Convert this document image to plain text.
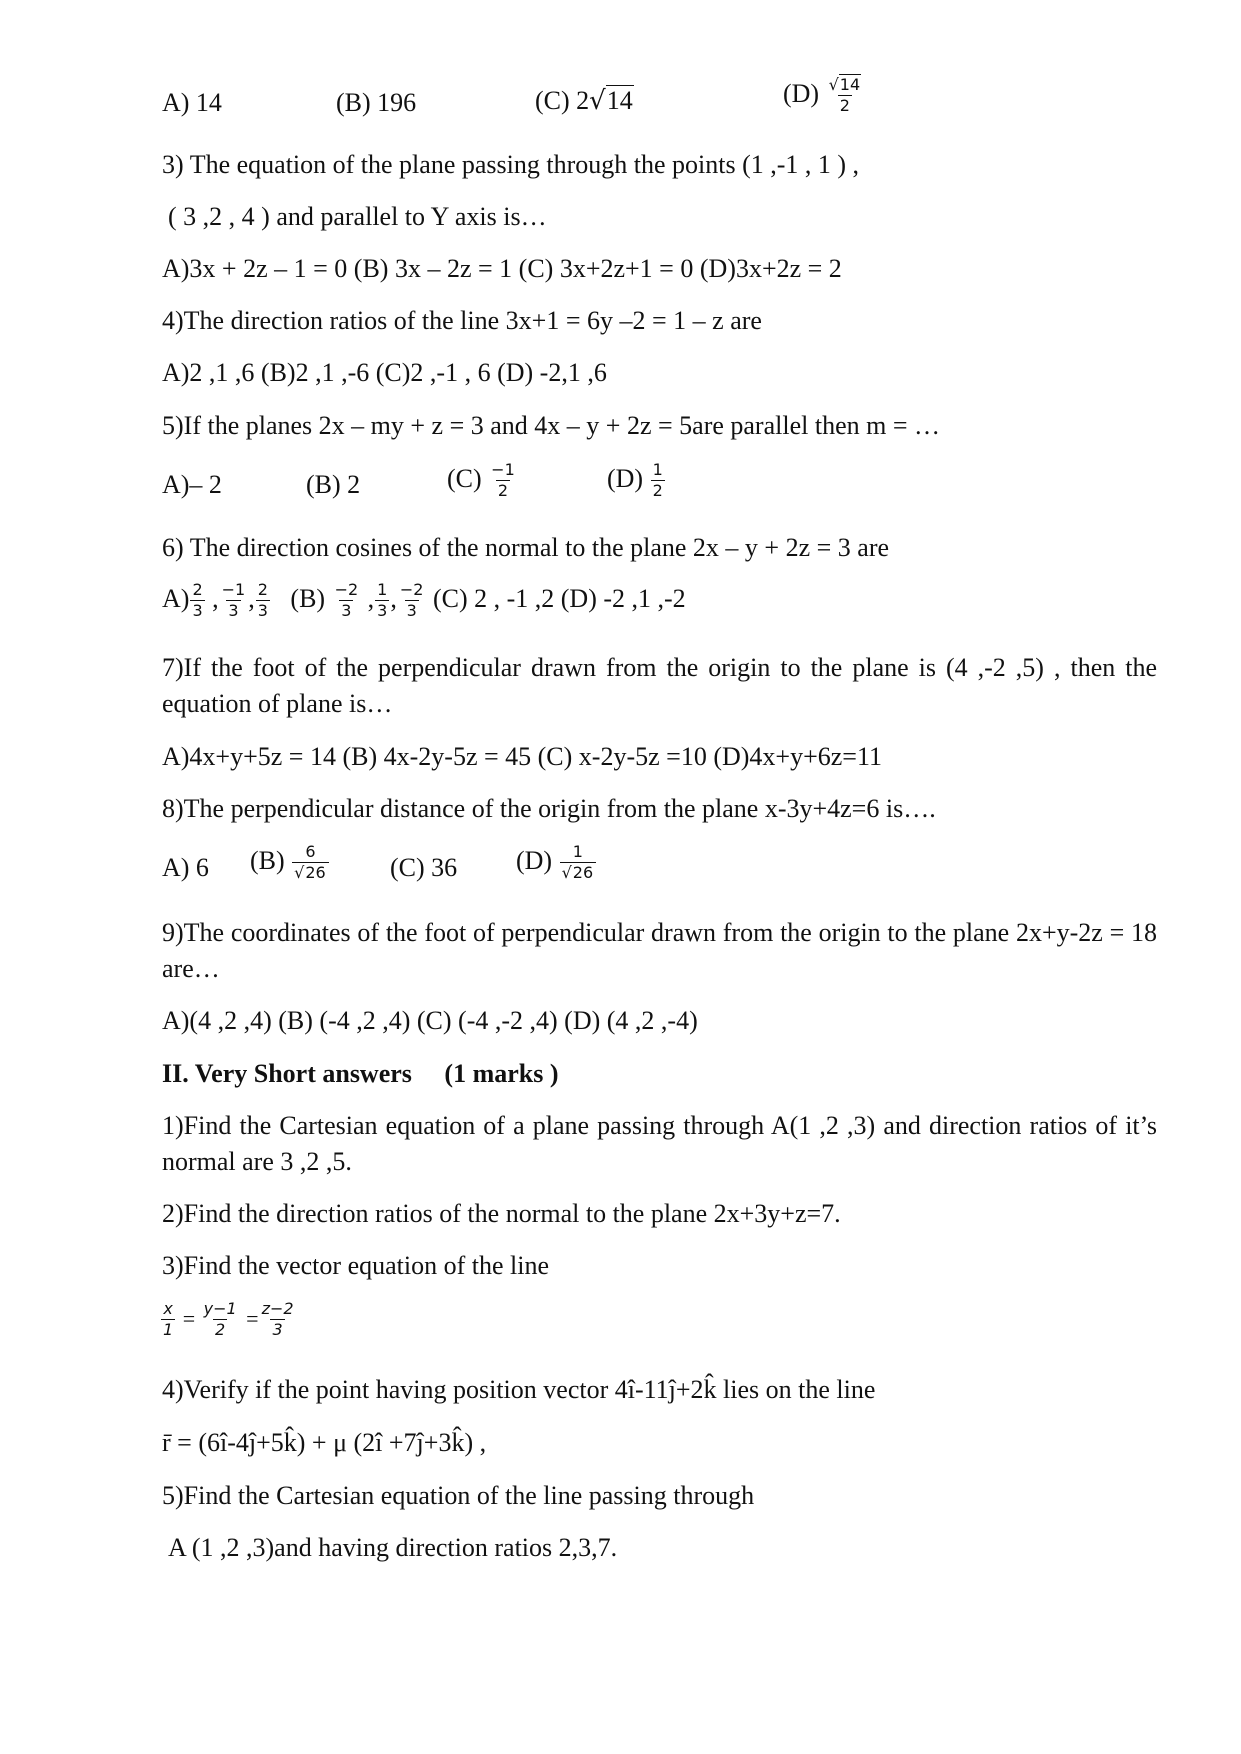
A) 14	(B) 196	(C) 2√14	$(D) \frac{√14}{2}$
3) The equation of the plane passing through the points (1 ,-1 , 1 ) ,
( 3 ,2 , 4 ) and parallel to Y axis is…
A)3x + 2z – 1 = 0 (B) 3x – 2z = 1 (C) 3x+2z+1 = 0 (D)3x+2z = 2
4)The direction ratios of the line 3x+1 = 6y –2 = 1 – z are
A)2 ,1 ,6 (B)2 ,1 ,-6 (C)2 ,-1 , 6 (D) -2,1 ,6
5)If the planes 2x – my + z = 3 and 4x – y + 2z = 5are parallel then m = …
A)– 2	(B) 2	$(C) \frac{-1}{2}$	$(D) \frac{1}{2}$
6) The direction cosines of the normal to the plane 2x – y + 2z = 3 are
$A) \frac{2}{3}$ , $\frac{-1}{3}$ , $\frac{2}{3} (B) \frac{-2}{3}$ , $\frac{1}{3}$ , $\frac{-2}{3} (C)$ 2 , -1 ,2 (D) -2 ,1 ,-2
7)If the foot of the perpendicular drawn from the origin to the plane is (4 ,-2 ,5) , then the equation of plane is…
A)4x+y+5z = 14 (B) 4x-2y-5z = 45 (C) x-2y-5z =10 (D)4x+y+6z=11
8)The perpendicular distance of the origin from the plane x-3y+4z=6 is….
A) 6 $(B) \frac{6}{√26} (C)$ 36 $(D) \frac{1}{√26}$
9)The coordinates of the foot of perpendicular drawn from the origin to the plane 2x+y-2z = 18 are…
A)(4 ,2 ,4) (B) (-4 ,2 ,4) (C) (-4 ,-2 ,4) (D) (4 ,2 ,-4)
II. Very Short answers (1 marks )
1)Find the Cartesian equation of a plane passing through A(1 ,2 ,3) and direction ratios of it’s normal are 3 ,2 ,5.
2)Find the direction ratios of the normal to the plane 2x+3y+z=7.
3)Find the vector equation of the line
$\frac{x}{1} = \frac{y-1}{2} = \frac{z-2}{3}$
4)Verify if the point having position vector 4î-11ĵ+2k̂ lies on the line
r̄ = (6î-4ĵ+5k̂) + μ (2î +7ĵ+3k̂) ,
5)Find the Cartesian equation of the line passing through
A (1 ,2 ,3)and having direction ratios 2,3,7.
